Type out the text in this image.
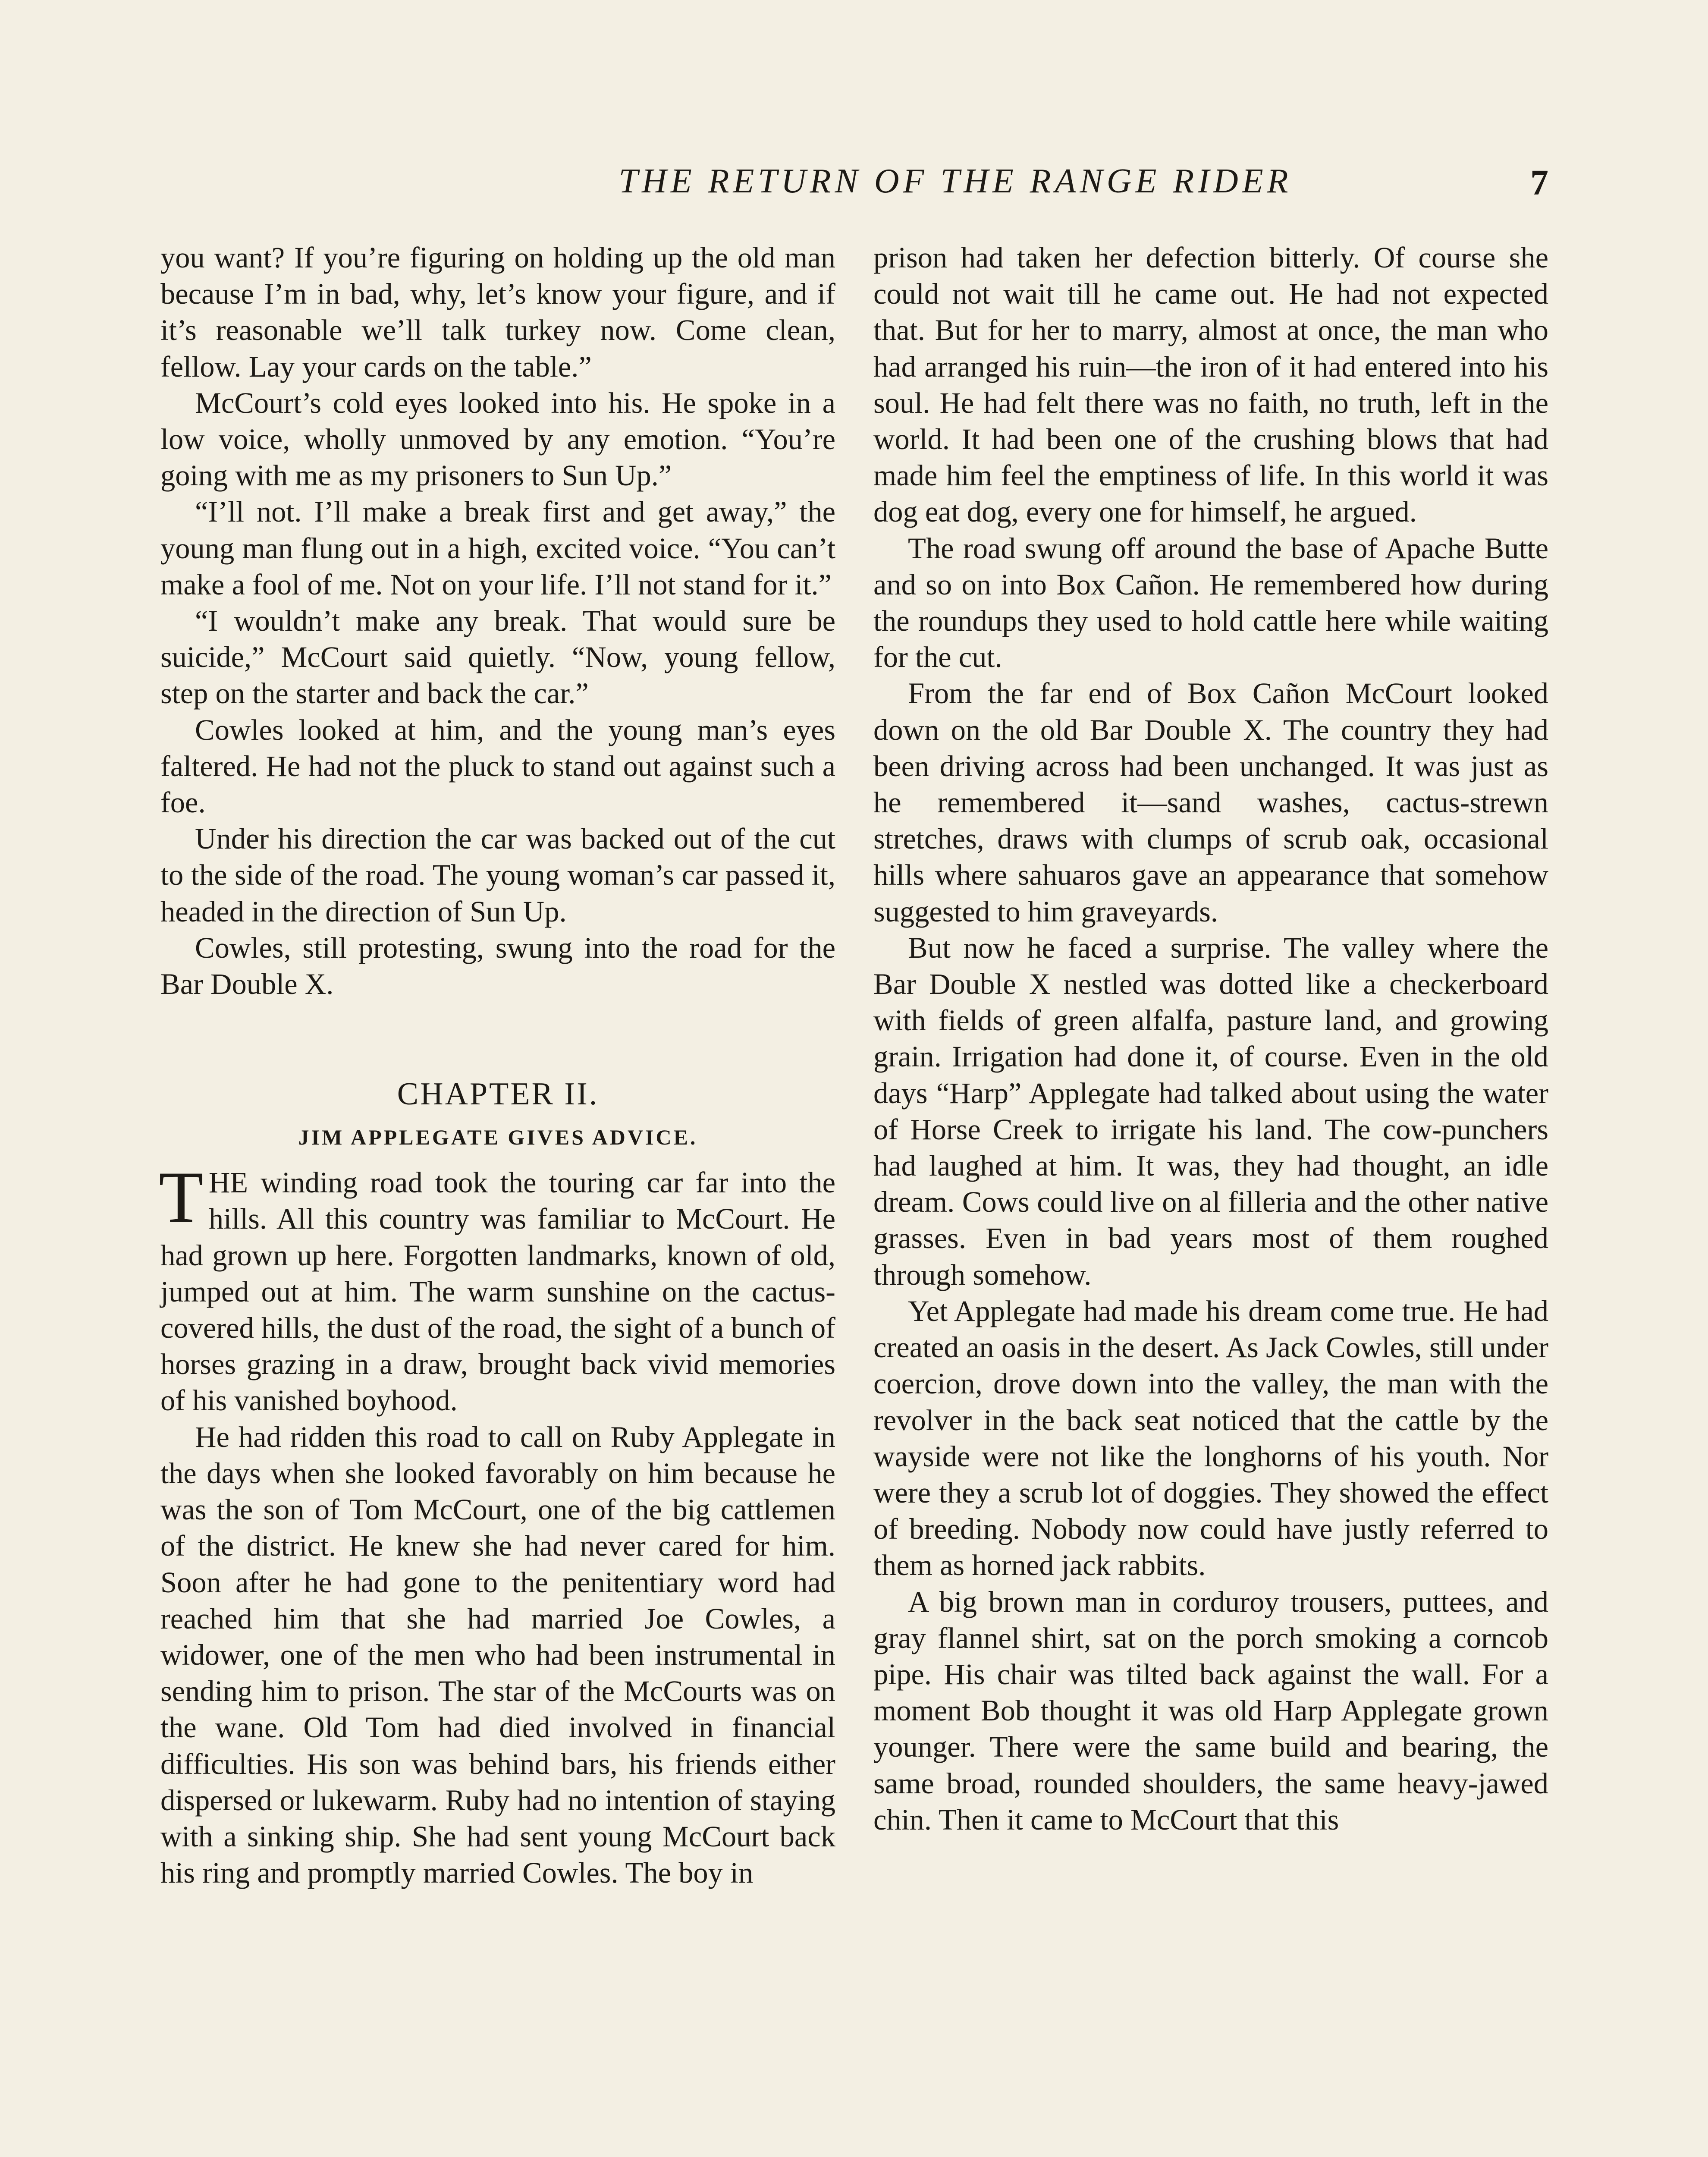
THE RETURN OF THE RANGE RIDER	7

you want? If you’re figuring on holding up the old man because I’m in bad, why, let’s know your figure, and if it’s reasonable we’ll talk turkey now. Come clean, fellow. Lay your cards on the table.”

McCourt’s cold eyes looked into his. He spoke in a low voice, wholly unmoved by any emotion. “You’re going with me as my prisoners to Sun Up.”

“I’ll not. I’ll make a break first and get away,” the young man flung out in a high, excited voice. “You can’t make a fool of me. Not on your life. I’ll not stand for it.”

“I wouldn’t make any break. That would sure be suicide,” McCourt said quietly. “Now, young fellow, step on the starter and back the car.”

Cowles looked at him, and the young man’s eyes faltered. He had not the pluck to stand out against such a foe.

Under his direction the car was backed out of the cut to the side of the road. The young woman’s car passed it, headed in the direction of Sun Up.

Cowles, still protesting, swung into the road for the Bar Double X.

CHAPTER II.
JIM APPLEGATE GIVES ADVICE.

THE winding road took the touring car far into the hills. All this country was familiar to McCourt. He had grown up here. Forgotten landmarks, known of old, jumped out at him. The warm sunshine on the cactus-covered hills, the dust of the road, the sight of a bunch of horses grazing in a draw, brought back vivid memories of his vanished boyhood.

He had ridden this road to call on Ruby Applegate in the days when she looked favorably on him because he was the son of Tom McCourt, one of the big cattlemen of the district. He knew she had never cared for him. Soon after he had gone to the penitentiary word had reached him that she had married Joe Cowles, a widower, one of the men who had been instrumental in sending him to prison. The star of the McCourts was on the wane. Old Tom had died involved in financial difficulties. His son was behind bars, his friends either dispersed or lukewarm. Ruby had no intention of staying with a sinking ship. She had sent young McCourt back his ring and promptly married Cowles. The boy in

prison had taken her defection bitterly. Of course she could not wait till he came out. He had not expected that. But for her to marry, almost at once, the man who had arranged his ruin—the iron of it had entered into his soul. He had felt there was no faith, no truth, left in the world. It had been one of the crushing blows that had made him feel the emptiness of life. In this world it was dog eat dog, every one for himself, he argued.

The road swung off around the base of Apache Butte and so on into Box Cañon. He remembered how during the roundups they used to hold cattle here while waiting for the cut.

From the far end of Box Cañon McCourt looked down on the old Bar Double X. The country they had been driving across had been unchanged. It was just as he remembered it—sand washes, cactus-strewn stretches, draws with clumps of scrub oak, occasional hills where sahuaros gave an appearance that somehow suggested to him graveyards.

But now he faced a surprise. The valley where the Bar Double X nestled was dotted like a checkerboard with fields of green alfalfa, pasture land, and growing grain. Irrigation had done it, of course. Even in the old days “Harp” Applegate had talked about using the water of Horse Creek to irrigate his land. The cow-punchers had laughed at him. It was, they had thought, an idle dream. Cows could live on al filleria and the other native grasses. Even in bad years most of them roughed through somehow.

Yet Applegate had made his dream come true. He had created an oasis in the desert. As Jack Cowles, still under coercion, drove down into the valley, the man with the revolver in the back seat noticed that the cattle by the wayside were not like the longhorns of his youth. Nor were they a scrub lot of doggies. They showed the effect of breeding. Nobody now could have justly referred to them as horned jack rabbits.

A big brown man in corduroy trousers, puttees, and gray flannel shirt, sat on the porch smoking a corncob pipe. His chair was tilted back against the wall. For a moment Bob thought it was old Harp Applegate grown younger. There were the same build and bearing, the same broad, rounded shoulders, the same heavy-jawed chin. Then it came to McCourt that this
